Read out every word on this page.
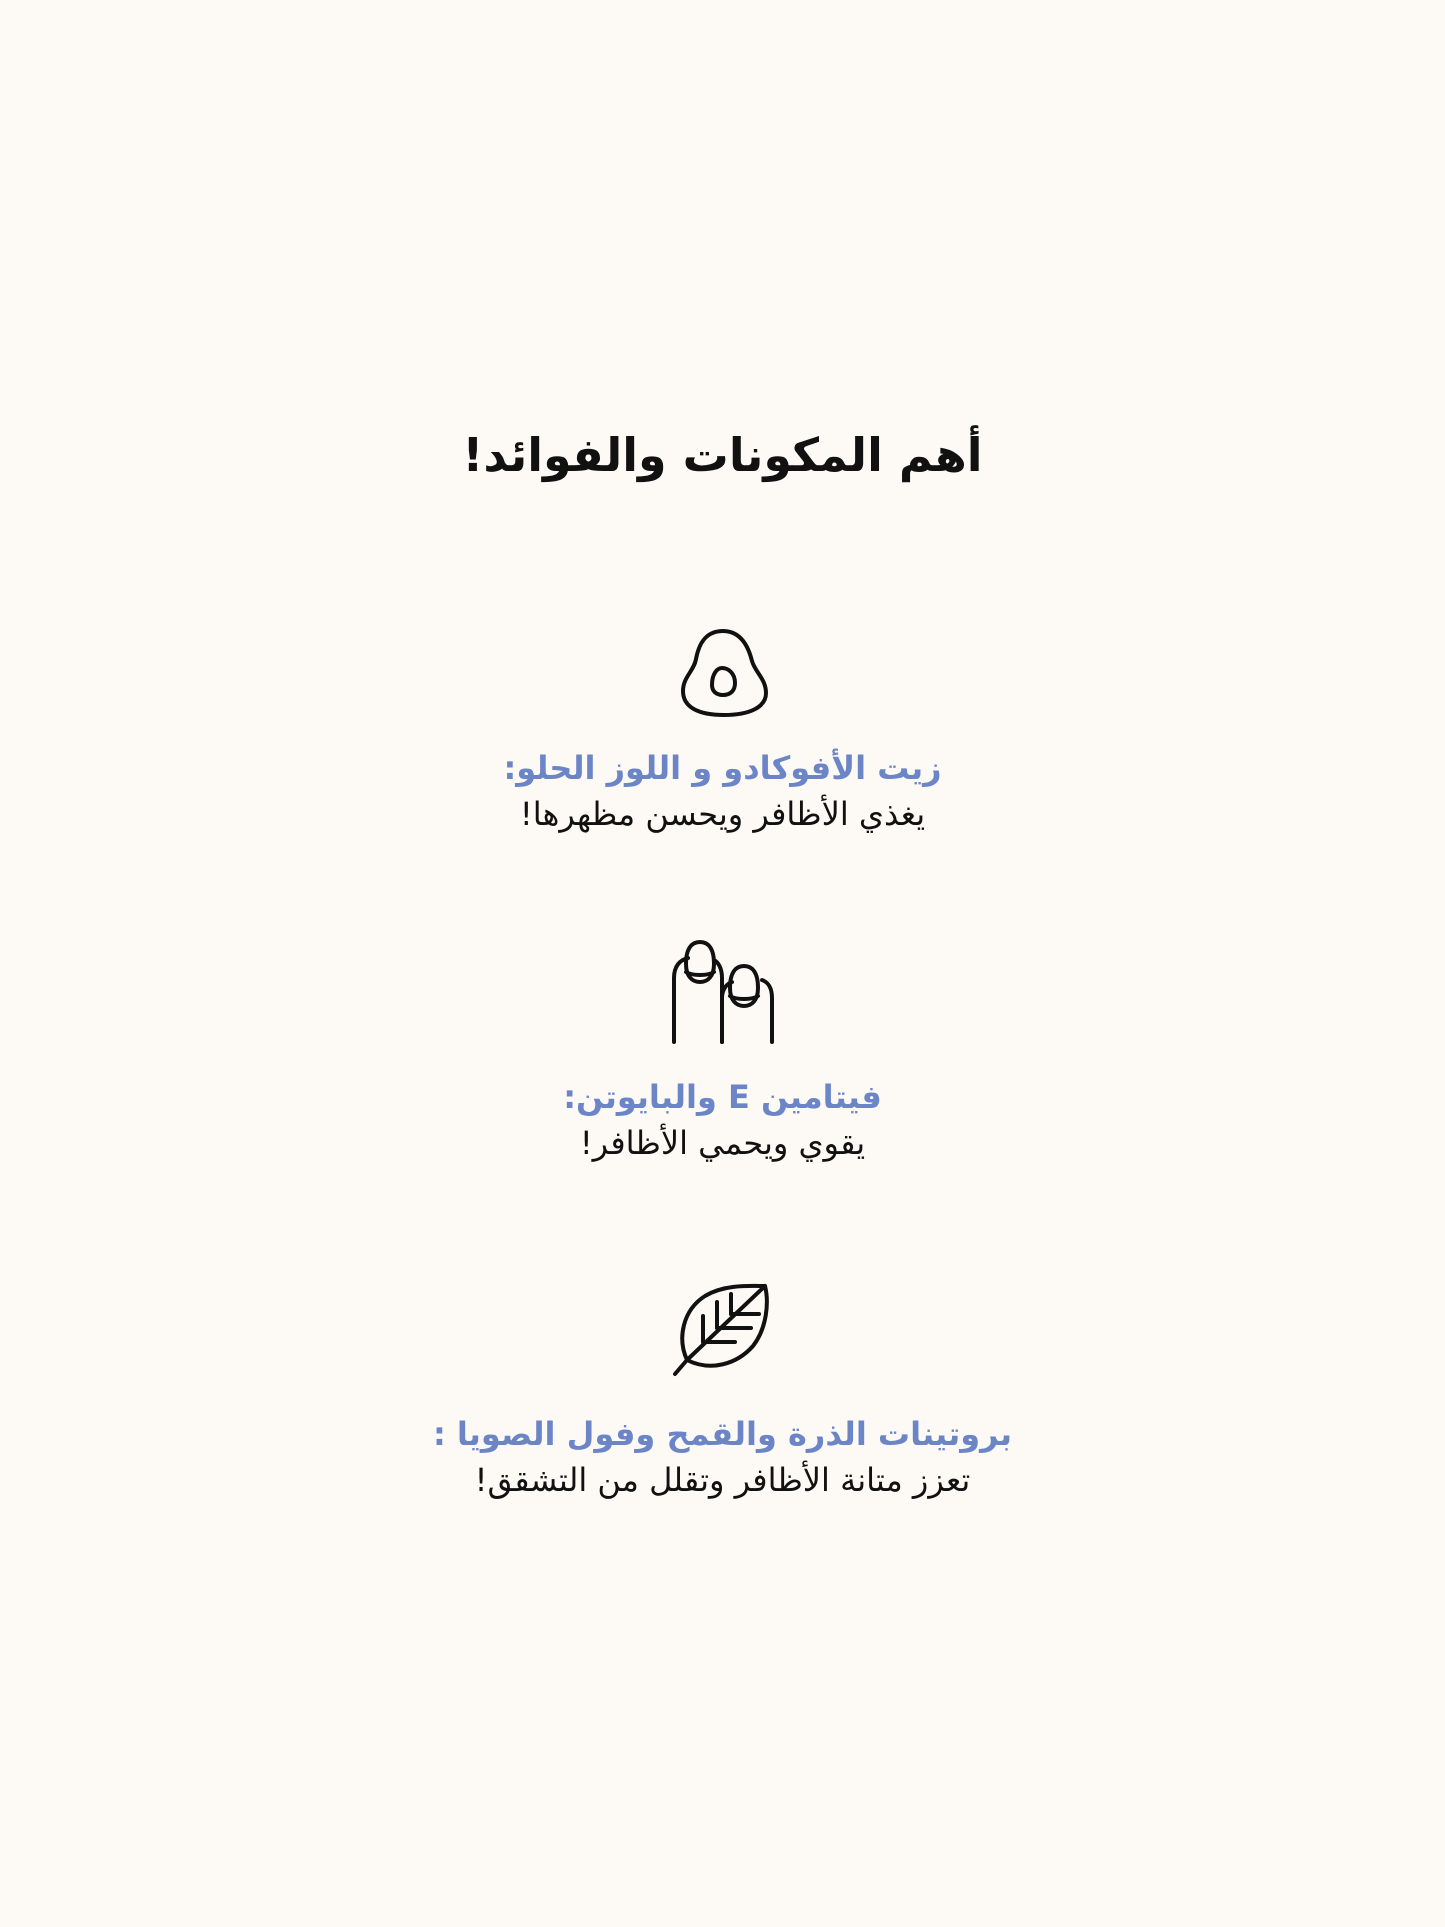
أهم المكونات والفوائد!

زيت الأفوكادو و اللوز الحلو:

يغذي الأظافر ويحسن مظهرها!

فيتامين E والبايوتن:

يقوي ويحمي الأظافر!

بروتينات الذرة والقمح وفول الصويا :

تعزز متانة الأظافر وتقلل من التشقق!
